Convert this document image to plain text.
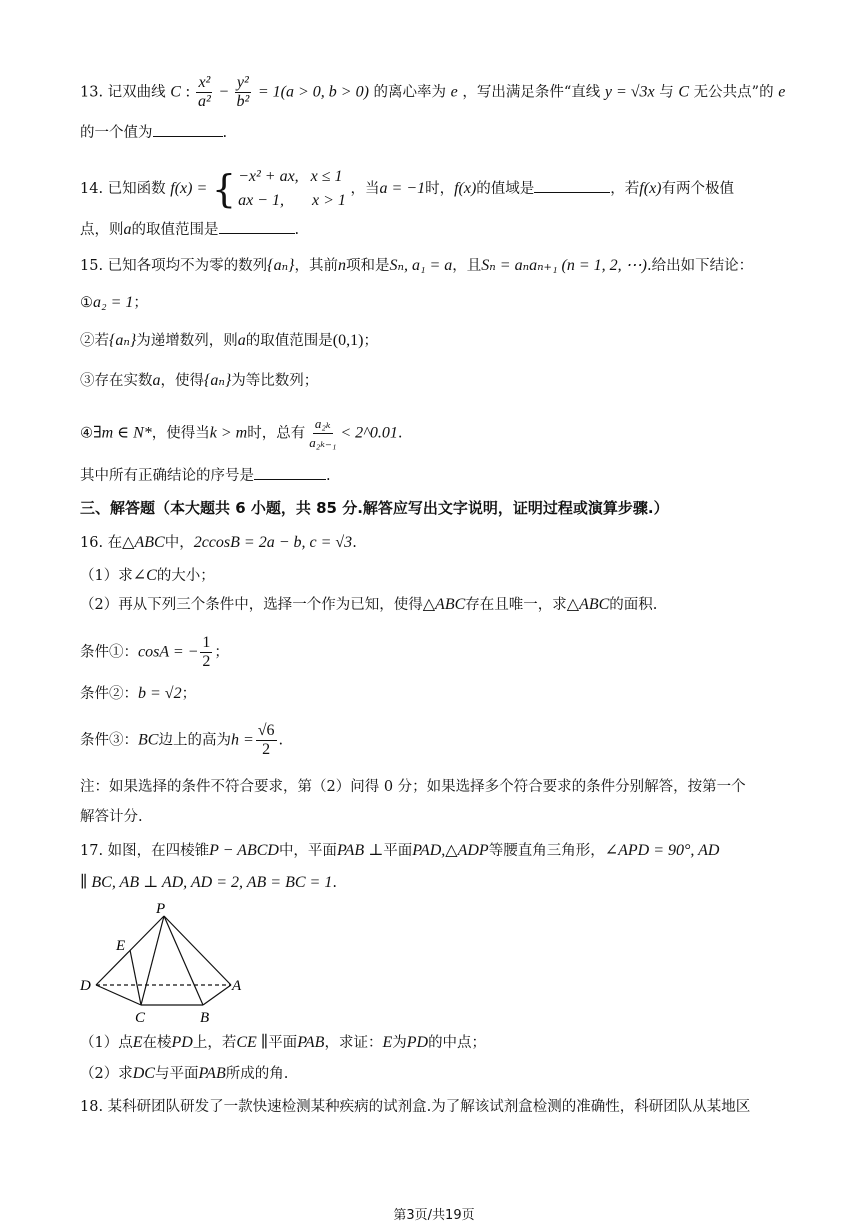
13. 记双曲线 C : $\frac{\text{x²}}{\text{a²}} - \frac{\text{y²}}{\text{b²}} = 1(a > 0$, b > 0) 的离心率为 e ，写出满足条件“直线 y = √3x 与 C 无公共点”的 e
的一个值为	.
14. 已知函数 f(x) = { −x² + ax, x ≤ 1
ax − 1, x > 1
，当a = −1时，f(x)的值域是	，若f(x)有两个极值
点，则a的取值范围是	.
15. 已知各项均不为零的数列{aₙ}，其前n项和是Sₙ, a₁ = a，且Sₙ = aₙaₙ₊₁ (n = 1, 2, ⋯).给出如下结论：
①a₂ = 1；
②若{aₙ}为递增数列，则a的取值范围是(0,1)；
③存在实数a，使得{aₙ}为等比数列；
④∃m ∈ N*，使得当k > m时，总有 $\frac{\text{a₂ₖ}}{\text{a₂ₖ₋₁}}$ < 2^0.01.
其中所有正确结论的序号是	.
三、解答题（本大题共 6 小题，共 85 分.解答应写出文字说明，证明过程或演算步骤.）
16. 在△ABC中，2ccosB = 2a − b, c = √3.
（1）求∠C的大小；
（2）再从下列三个条件中，选择一个作为已知，使得△ABC存在且唯一，求△ABC的面积.
条件①：cosA = − $\frac{1}{2}$ ；
条件②：b = √2；
条件③：BC边上的高为$h = \frac{√6}{2}$ .
注：如果选择的条件不符合要求，第（2）问得 0 分；如果选择多个符合要求的条件分别解答，按第一个
解答计分.
17. 如图，在四棱锥P − ABCD中，平面PAB ⊥平面PAD,△ADP等腰直角三角形，∠APD = 90°, AD
∥ BC, AB ⊥ AD, AD = 2, AB = BC = 1.
P
E
D	A
C	B
（1）点E在棱PD上，若CE ∥平面PAB，求证：E为PD的中点；
（2）求DC与平面PAB所成的角.
18. 某科研团队研发了一款快速检测某种疾病的试剂盒.为了解该试剂盒检测的准确性，科研团队从某地区
第3页/共19页
